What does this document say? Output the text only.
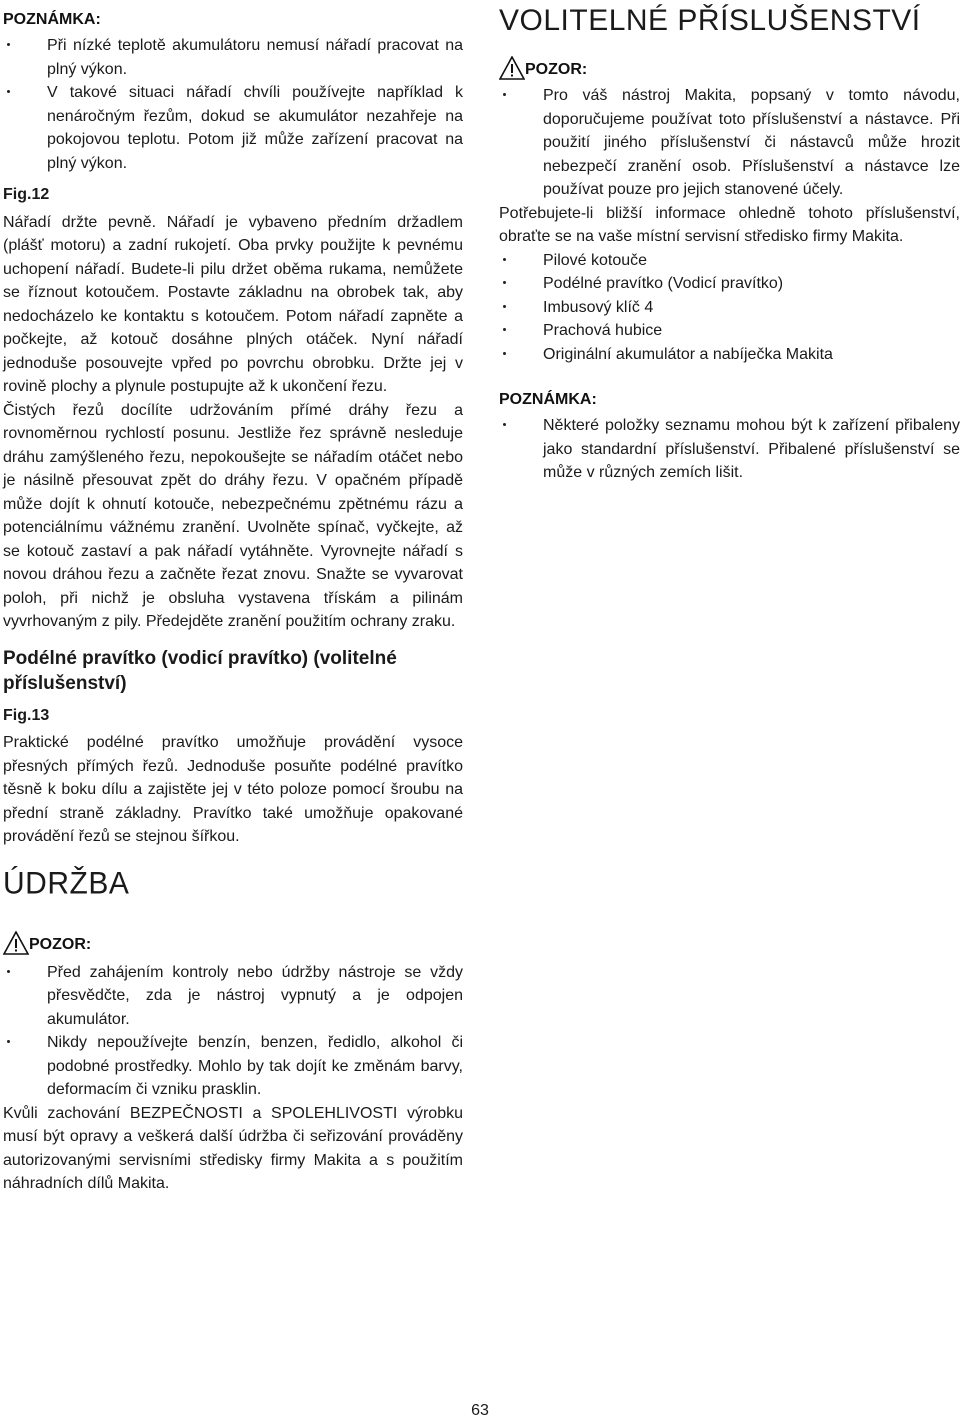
POZNÁMKA:
Při nízké teplotě akumulátoru nemusí nářadí pracovat na plný výkon.
V takové situaci nářadí chvíli používejte například k nenáročným řezům, dokud se akumulátor nezahřeje na pokojovou teplotu. Potom již může zařízení pracovat na plný výkon.
Fig.12

Nářadí držte pevně. Nářadí je vybaveno předním držadlem (plášť motoru) a zadní rukojetí. Oba prvky použijte k pevnému uchopení nářadí. Budete-li pilu držet oběma rukama, nemůžete se říznout kotoučem. Postavte základnu na obrobek tak, aby nedocházelo ke kontaktu s kotoučem. Potom nářadí zapněte a počkejte, až kotouč dosáhne plných otáček. Nyní nářadí jednoduše posouvejte vpřed po povrchu obrobku. Držte jej v rovině plochy a plynule postupujte až k ukončení řezu.

Čistých řezů docílíte udržováním přímé dráhy řezu a rovnoměrnou rychlostí posunu. Jestliže řez správně nesleduje dráhu zamýšleného řezu, nepokoušejte se nářadím otáčet nebo je násilně přesouvat zpět do dráhy řezu. V opačném případě může dojít k ohnutí kotouče, nebezpečnému zpětnému rázu a potenciálnímu vážnému zranění. Uvolněte spínač, vyčkejte, až se kotouč zastaví a pak nářadí vytáhněte. Vyrovnejte nářadí s novou dráhou řezu a začněte řezat znovu. Snažte se vyvarovat poloh, při nichž je obsluha vystavena třískám a pilinám vyvrhovaným z pily. Předejděte zranění použitím ochrany zraku.

Podélné pravítko (vodicí pravítko) (volitelné příslušenství)
Fig.13

Praktické podélné pravítko umožňuje provádění vysoce přesných přímých řezů. Jednoduše posuňte podélné pravítko těsně k boku dílu a zajistěte jej v této poloze pomocí šroubu na přední straně základny. Pravítko také umožňuje opakované provádění řezů se stejnou šířkou.

ÚDRŽBA
POZOR:
Před zahájením kontroly nebo údržby nástroje se vždy přesvědčte, zda je nástroj vypnutý a je odpojen akumulátor.
Nikdy nepoužívejte benzín, benzen, ředidlo, alkohol či podobné prostředky. Mohlo by tak dojít ke změnám barvy, deformacím či vzniku prasklin.

Kvůli zachování BEZPEČNOSTI a SPOLEHLIVOSTI výrobku musí být opravy a veškerá další údržba či seřizování prováděny autorizovanými servisními středisky firmy Makita a s použitím náhradních dílů Makita.

VOLITELNÉ PŘÍSLUŠENSTVÍ
POZOR:
Pro váš nástroj Makita, popsaný v tomto návodu, doporučujeme používat toto příslušenství a nástavce. Při použití jiného příslušenství či nástavců může hrozit nebezpečí zranění osob. Příslušenství a nástavce lze používat pouze pro jejich stanovené účely.

Potřebujete-li bližší informace ohledně tohoto příslušenství, obraťte se na vaše místní servisní středisko firmy Makita.

Pilové kotouče
Podélné pravítko (Vodicí pravítko)
Imbusový klíč 4
Prachová hubice
Originální akumulátor a nabíječka Makita
POZNÁMKA:
Některé položky seznamu mohou být k zařízení přibaleny jako standardní příslušenství. Přibalené příslušenství se může v různých zemích lišit.
63
